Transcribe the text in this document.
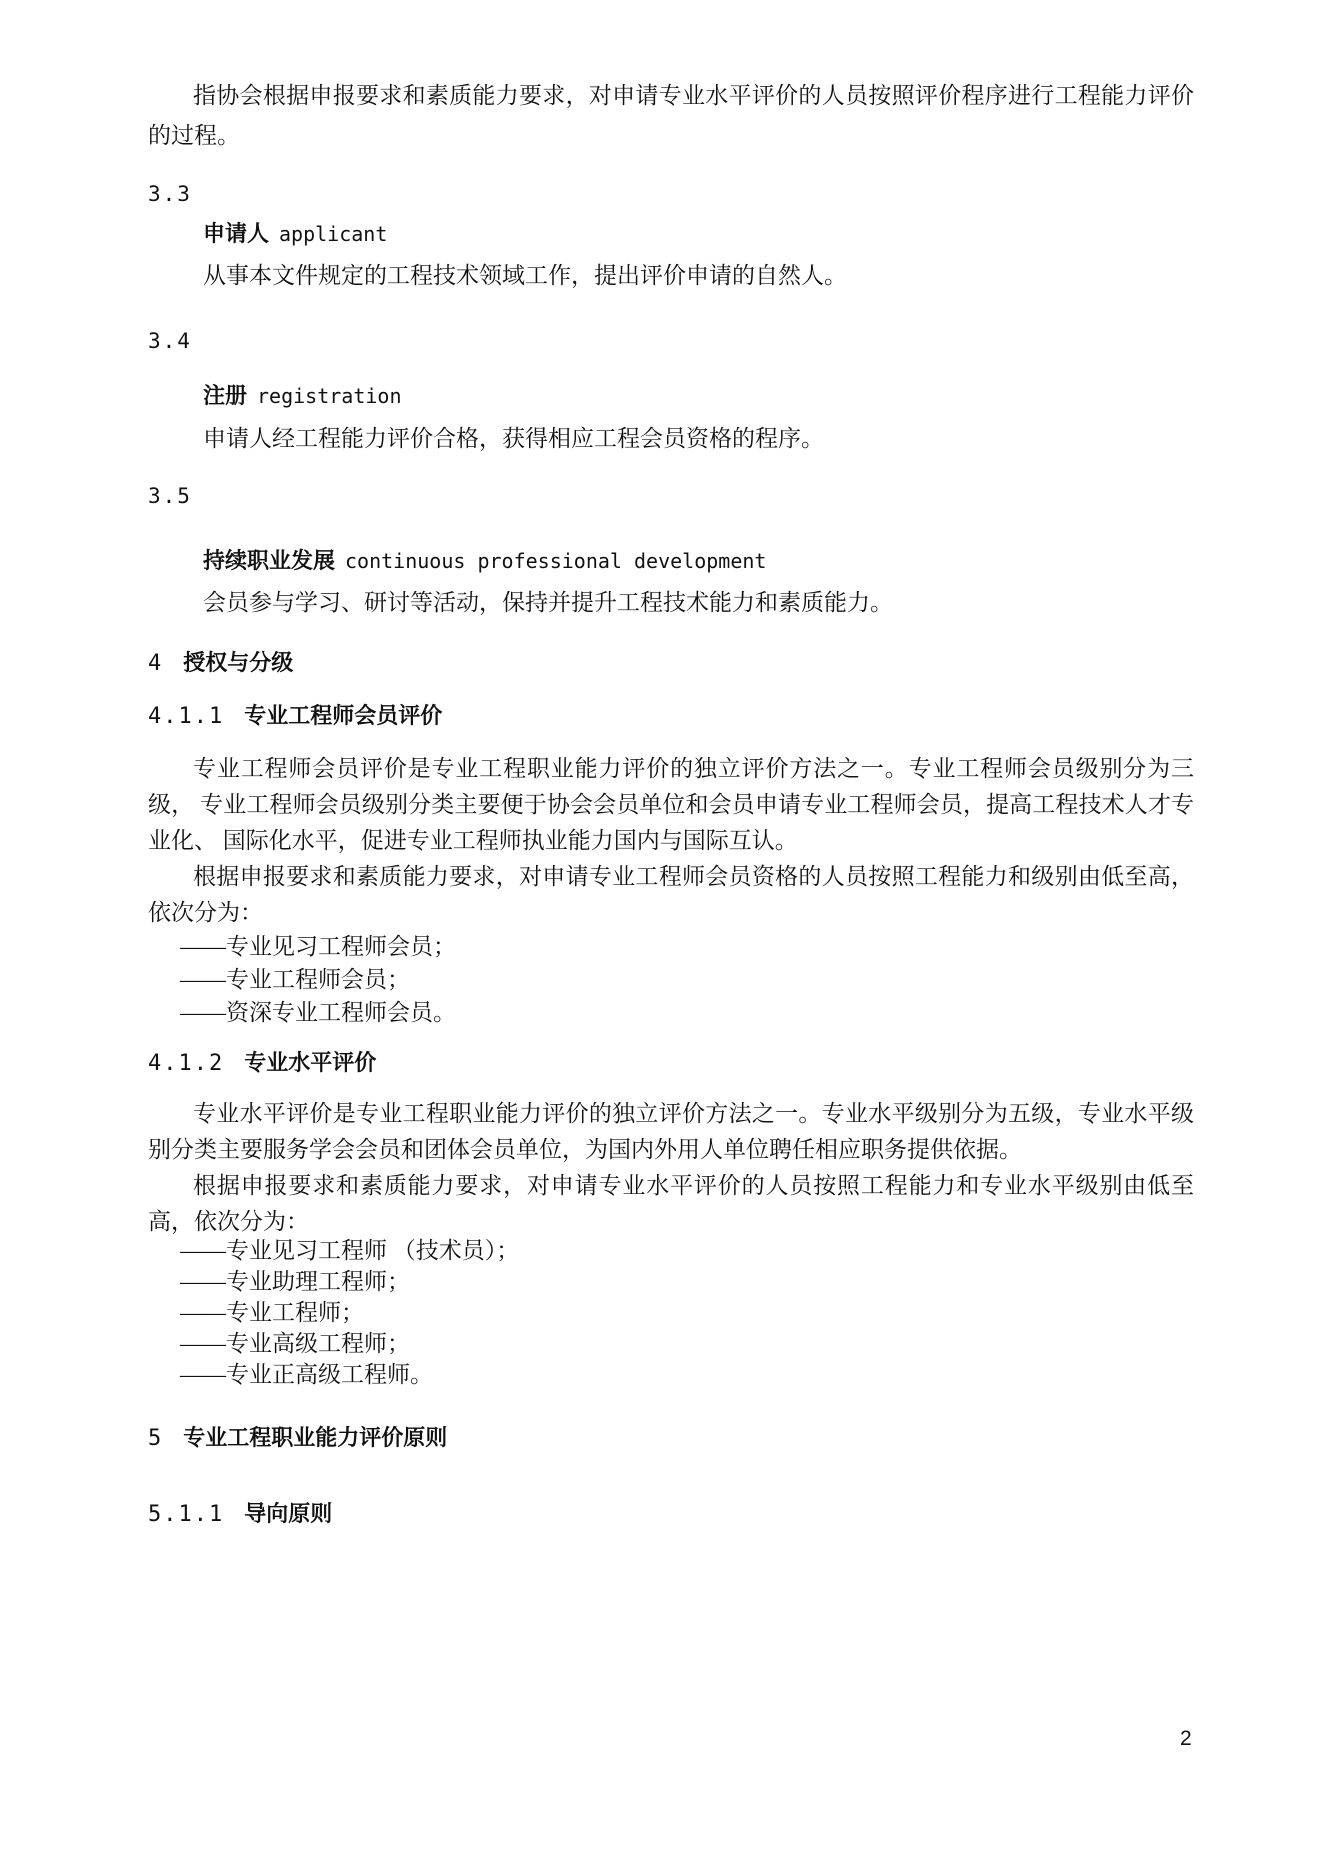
指协会根据申报要求和素质能力要求，对申请专业水平评价的人员按照评价程序进行工程能力评价的过程。

3.3
申请人 applicant
从事本文件规定的工程技术领域工作，提出评价申请的自然人。
3.4
注册 registration
申请人经工程能力评价合格，获得相应工程会员资格的程序。
3.5
持续职业发展 continuous professional development
会员参与学习、研讨等活动，保持并提升工程技术能力和素质能力。
4 授权与分级
4.1.1 专业工程师会员评价

专业工程师会员评价是专业工程职业能力评价的独立评价方法之一。专业工程师会员级别分为三级， 专业工程师会员级别分类主要便于协会会员单位和会员申请专业工程师会员，提高工程技术人才专业化、 国际化水平，促进专业工程师执业能力国内与国际互认。

根据申报要求和素质能力要求，对申请专业工程师会员资格的人员按照工程能力和级别由低至高， 依次分为：

——专业见习工程师会员；
——专业工程师会员；
——资深专业工程师会员。
4.1.2 专业水平评价

专业水平评价是专业工程职业能力评价的独立评价方法之一。专业水平级别分为五级，专业水平级别分类主要服务学会会员和团体会员单位，为国内外用人单位聘任相应职务提供依据。

根据申报要求和素质能力要求，对申请专业水平评价的人员按照工程能力和专业水平级别由低至高，依次分为：

——专业见习工程师 （技术员）；
——专业助理工程师；
——专业工程师；
——专业高级工程师；
——专业正高级工程师。
5 专业工程职业能力评价原则
5.1.1 导向原则
2
